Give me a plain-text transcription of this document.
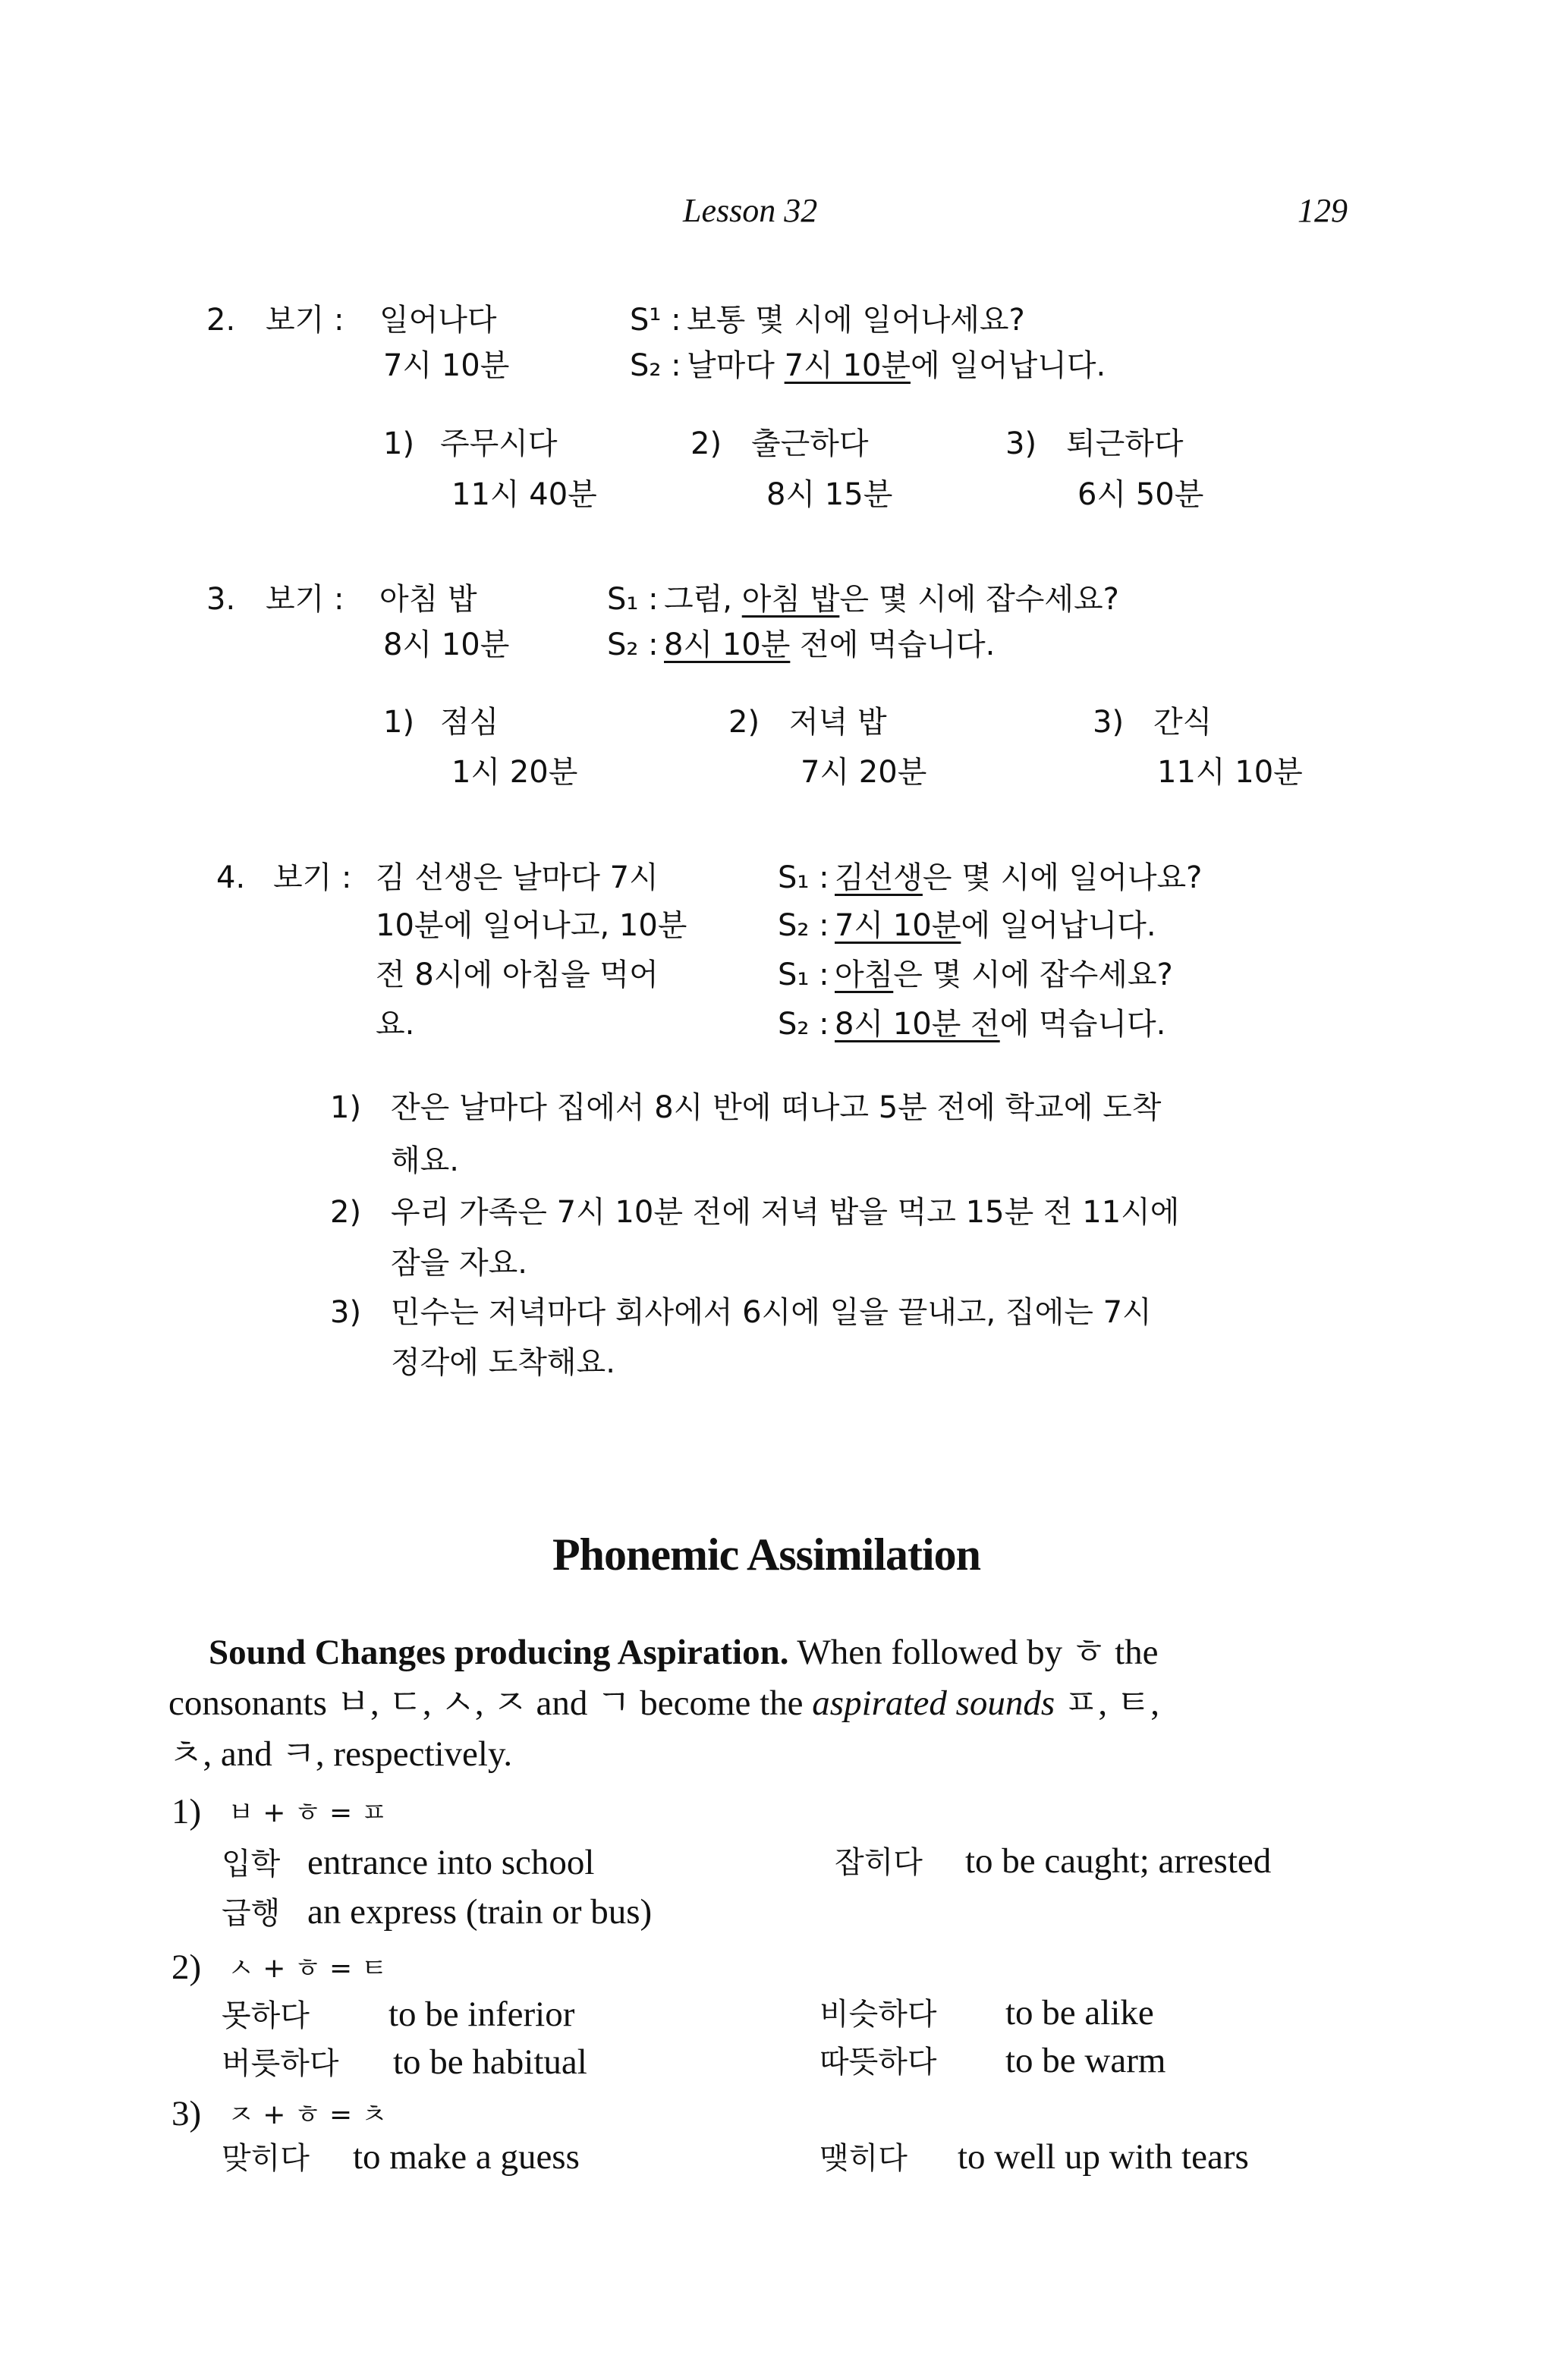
Lesson 32	129
2. 보기 : 일어나다
7시 10분
S¹ : 보통 몇 시에 일어나세요?
S₂ : 날마다 7시 10분에 일어납니다.
1) 주무시다
11시 40분
2) 출근하다
8시 15분
3) 퇴근하다
6시 50분
3. 보기 : 아침 밥
8시 10분
S₁ : 그럼, 아침 밥은 몇 시에 잡수세요?
S₂ : 8시 10분 전에 먹습니다.
1) 점심
1시 20분
2) 저녁 밥
7시 20분
3) 간식
11시 10분
4. 보기 : 김 선생은 날마다 7시
10분에 일어나고, 10분
전 8시에 아침을 먹어
요.
S₁ : 김선생은 몇 시에 일어나요?
S₂ : 7시 10분에 일어납니다.
S₁ : 아침은 몇 시에 잡수세요?
S₂ : 8시 10분 전에 먹습니다.
1) 잔은 날마다 집에서 8시 반에 떠나고 5분 전에 학교에 도착
해요.
2) 우리 가족은 7시 10분 전에 저녁 밥을 먹고 15분 전 11시에
잠을 자요.
3) 민수는 저녁마다 회사에서 6시에 일을 끝내고, 집에는 7시
정각에 도착해요.
Phonemic Assimilation
Sound Changes producing Aspiration. When followed by ㅎ the
consonants ㅂ, ㄷ, ㅅ, ㅈ and ㄱ become the aspirated sounds ㅍ, ㅌ,
ㅊ, and ㅋ, respectively.
1) ㅂ + ㅎ = ㅍ
입학 entrance into school
급행 an express (train or bus)
잡히다 to be caught; arrested
2) ㅅ + ㅎ = ㅌ
못하다 to be inferior
버릇하다 to be habitual
비슷하다 to be alike
따뜻하다 to be warm
3) ㅈ + ㅎ = ㅊ
맞히다 to make a guess	맺히다 to well up with tears
